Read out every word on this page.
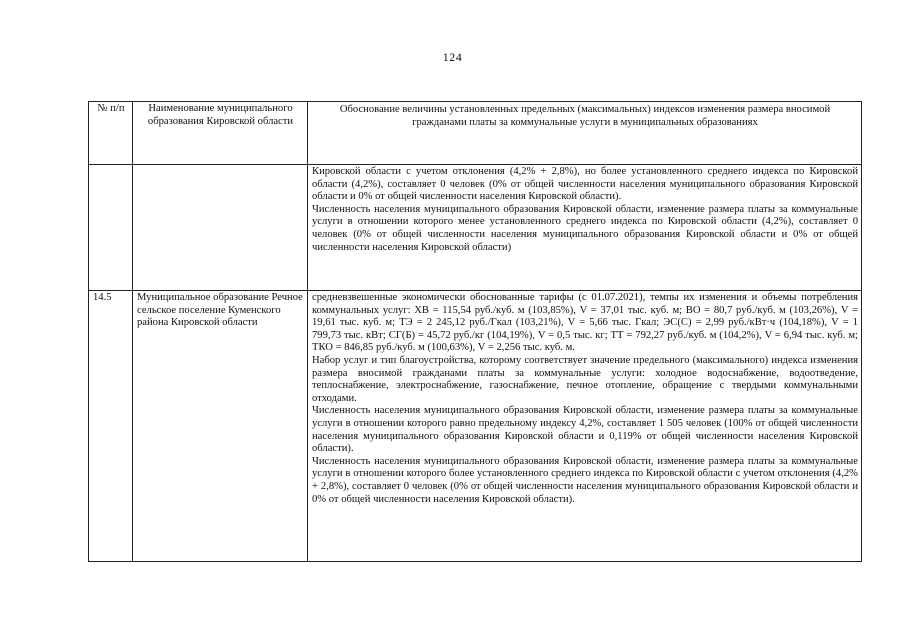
124
№ п/п	Наименование муниципального образования Кировской области	Обоснование величины установленных предельных (максимальных) индексов изменения размера вносимой гражданами платы за коммунальные услуги в муниципальных образованиях

		Кировской области с учетом отклонения (4,2% + 2,8%), но более установленного среднего индекса по Кировской области (4,2%), составляет 0 человек (0% от общей численности населения муниципального образования Кировской области и 0% от общей численности населения Кировской области).

Численность населения муниципального образования Кировской области, изменение размера платы за коммунальные услуги в отношении которого менее установленного среднего индекса по Кировской области (4,2%), составляет 0 человек (0% от общей численности населения муниципального образования Кировской области и 0% от общей численности населения Кировской области)

14.5	Муниципальное образование Речное сельское поселение Куменского района Кировской области	средневзвешенные экономически обоснованные тарифы (с 01.07.2021), темпы их изменения и объемы потребления коммунальных услуг: ХВ = 115,54 руб./куб. м (103,85%), V = 37,01 тыс. куб. м; ВО = 80,7 руб./куб. м (103,26%), V = 19,61 тыс. куб. м; ТЭ = 2 245,12 руб./Гкал (103,21%), V = 5,66 тыс. Гкал; ЭС(С) = 2,99 руб./кВт·ч (104,18%), V = 1 799,73 тыс. кВт; СГ(Б) = 45,72 руб./кг (104,19%), V = 0,5 тыс. кг; ТТ = 792,27 руб./куб. м (104,2%), V = 6,94 тыс. куб. м; ТКО = 846,85 руб./куб. м (100,63%), V = 2,256 тыс. куб. м.

Набор услуг и тип благоустройства, которому соответствует значение предельного (максимального) индекса изменения размера вносимой гражданами платы за коммунальные услуги: холодное водоснабжение, водоотведение, теплоснабжение, электроснабжение, газоснабжение, печное отопление, обращение с твердыми коммунальными отходами.

Численность населения муниципального образования Кировской области, изменение размера платы за коммунальные услуги в отношении которого равно предельному индексу 4,2%, составляет 1 505 человек (100% от общей численности населения муниципального образования Кировской области и 0,119% от общей численности населения Кировской области).

Численность населения муниципального образования Кировской области, изменение размера платы за коммунальные услуги в отношении которого более установленного среднего индекса по Кировской области с учетом отклонения (4,2% + 2,8%), составляет 0 человек (0% от общей численности населения муниципального образования Кировской области и 0% от общей численности населения Кировской области).
